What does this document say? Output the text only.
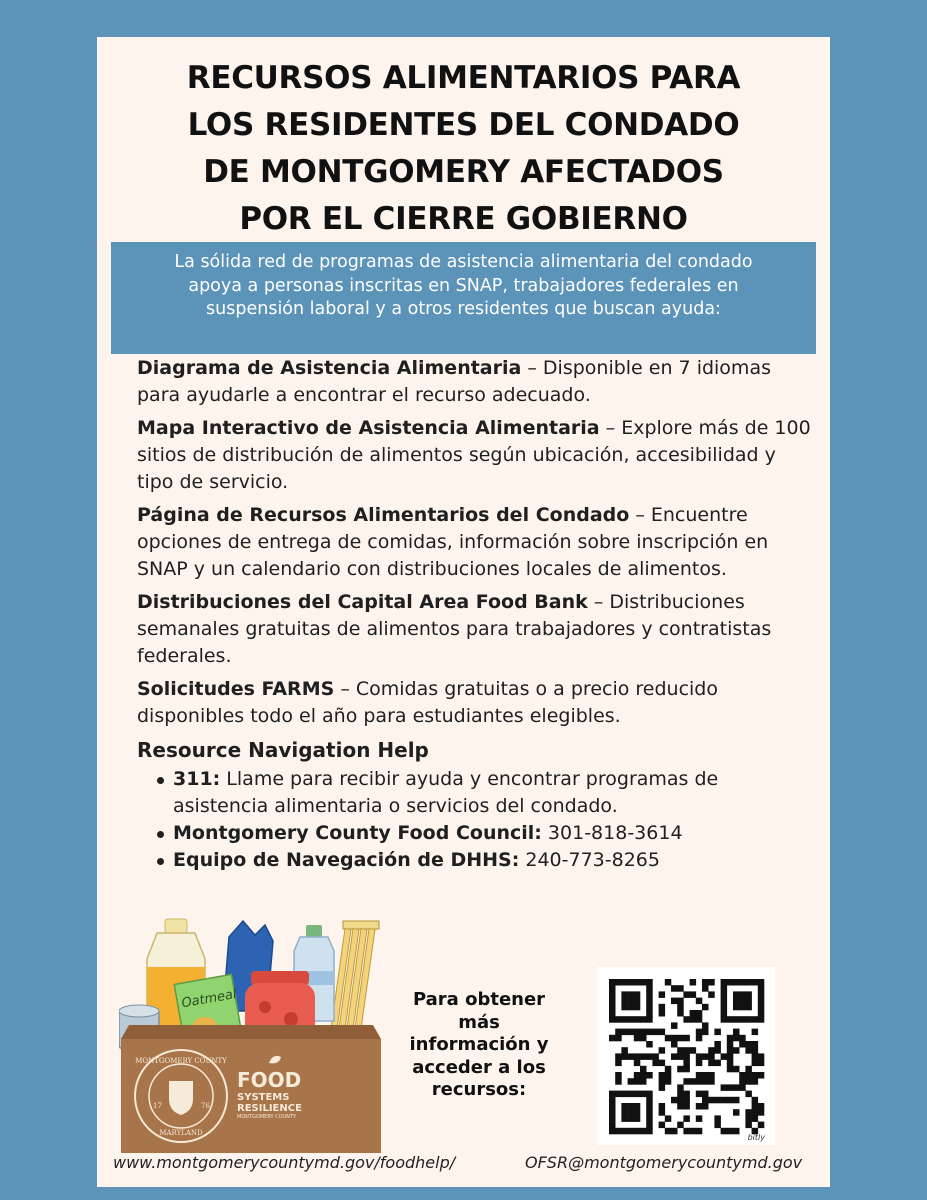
RECURSOS ALIMENTARIOS PARA
LOS RESIDENTES DEL CONDADO
DE MONTGOMERY AFECTADOS
POR EL CIERRE GOBIERNO
La sólida red de programas de asistencia alimentaria del condado apoya a personas inscritas en SNAP, trabajadores federales en suspensión laboral y a otros residentes que buscan ayuda:

Diagrama de Asistencia Alimentaria – Disponible en 7 idiomas para ayudarle a encontrar el recurso adecuado.

Mapa Interactivo de Asistencia Alimentaria – Explore más de 100 sitios de distribución de alimentos según ubicación, accesibilidad y tipo de servicio.

Página de Recursos Alimentarios del Condado – Encuentre opciones de entrega de comidas, información sobre inscripción en SNAP y un calendario con distribuciones locales de alimentos.

Distribuciones del Capital Area Food Bank – Distribuciones semanales gratuitas de alimentos para trabajadores y contratistas federales.

Solicitudes FARMS – Comidas gratuitas o a precio reducido disponibles todo el año para estudiantes elegibles.

Resource Navigation Help
311: Llame para recibir ayuda y encontrar programas de asistencia alimentaria o servicios del condado.
Montgomery County Food Council: 301-818-3614
Equipo de Navegación de DHHS: 240-773-8265
Oatmeal
MONTGOMERY COUNTY
MARYLAND
17	76
FOOD
SYSTEMS
RESILIENCE
MONTGOMERY COUNTY
Para obtener
más
información y
acceder a los
recursos:
bitly
www.montgomerycountymd.gov/foodhelp/	OFSR@montgomerycountymd.gov
